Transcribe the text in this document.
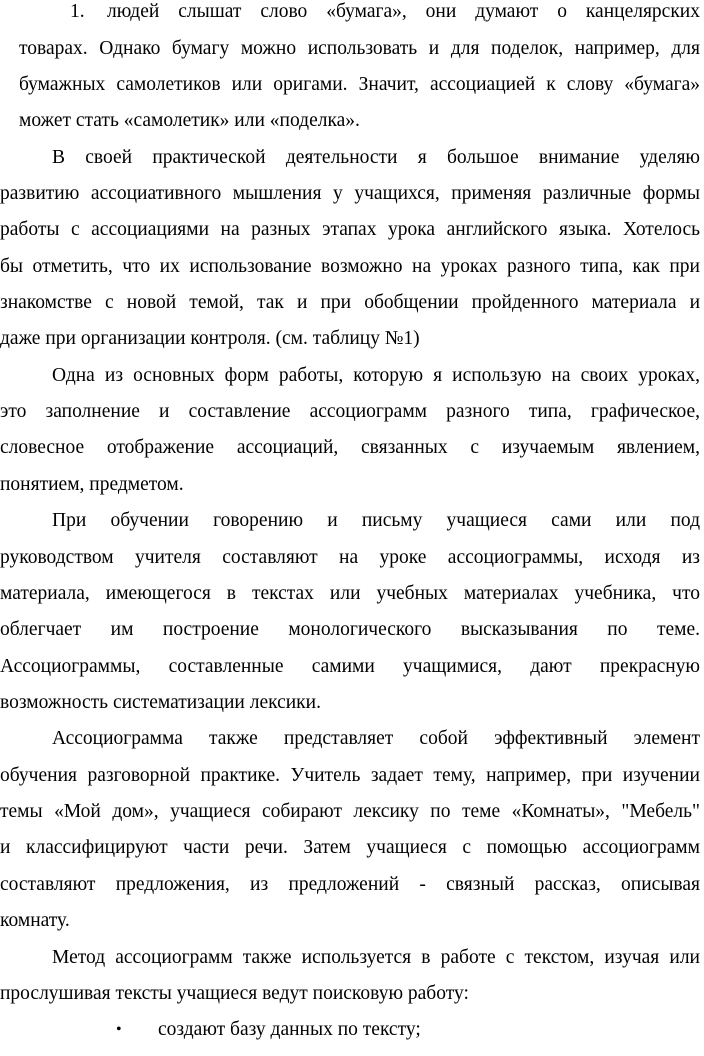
1. людей слышат слово «бумага», они думают о канцелярских
товарах. Однако бумагу можно использовать и для поделок, например, для
бумажных самолетиков или оригами. Значит, ассоциацией к слову «бумага»
может стать «самолетик» или «поделка».
В своей практической деятельности я большое внимание уделяю
развитию ассоциативного мышления у учащихся, применяя различные формы
работы с ассоциациями на разных этапах урока английского языка. Хотелось
бы отметить, что их использование возможно на уроках разного типа, как при
знакомстве с новой темой, так и при обобщении пройденного материала и
даже при организации контроля. (см. таблицу №1)
Одна из основных форм работы, которую я использую на своих уроках,
это заполнение и составление ассоциограмм разного типа, графическое,
словесное отображение ассоциаций, связанных с изучаемым явлением,
понятием, предметом.
При обучении говорению и письму учащиеся сами или под
руководством учителя составляют на уроке ассоциограммы, исходя из
материала, имеющегося в текстах или учебных материалах учебника, что
облегчает им построение монологического высказывания по теме.
Ассоциограммы, составленные самими учащимися, дают прекрасную
возможность систематизации лексики.
Ассоциограмма также представляет собой эффективный элемент
обучения разговорной практике. Учитель задает тему, например, при изучении
темы «Мой дом», учащиеся собирают лексику по теме «Комнаты», "Мебель"
и классифицируют части речи. Затем учащиеся с помощью ассоциограмм
составляют предложения, из предложений - связный рассказ, описывая
комнату.
Метод ассоциограмм также используется в работе с текстом, изучая или
прослушивая тексты учащиеся ведут поисковую работу:
• создают базу данных по тексту;
